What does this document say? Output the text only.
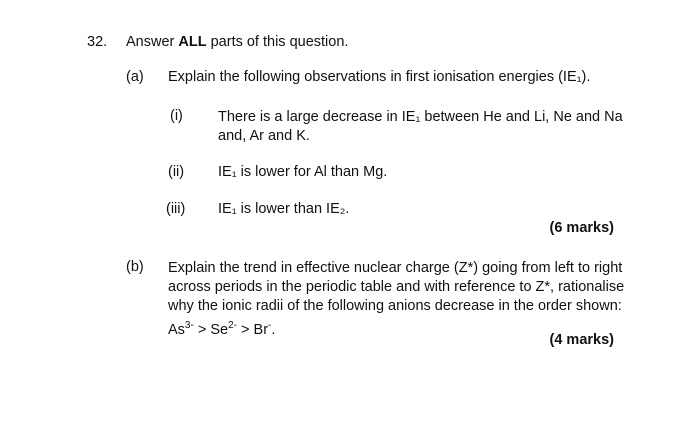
32. Answer ALL parts of this question.
(a) Explain the following observations in first ionisation energies (IE₁).
(i) There is a large decrease in IE₁ between He and Li, Ne and Na
and, Ar and K.
(ii) IE₁ is lower for Al than Mg.
(iii) IE₁ is lower than IE₂.
(6 marks)
(b) Explain the trend in effective nuclear charge (Z*) going from left to right
across periods in the periodic table and with reference to Z*, rationalise
why the ionic radii of the following anions decrease in the order shown:
$As^{3-} > Se^{2-} > Br^-$.
(4 marks)
